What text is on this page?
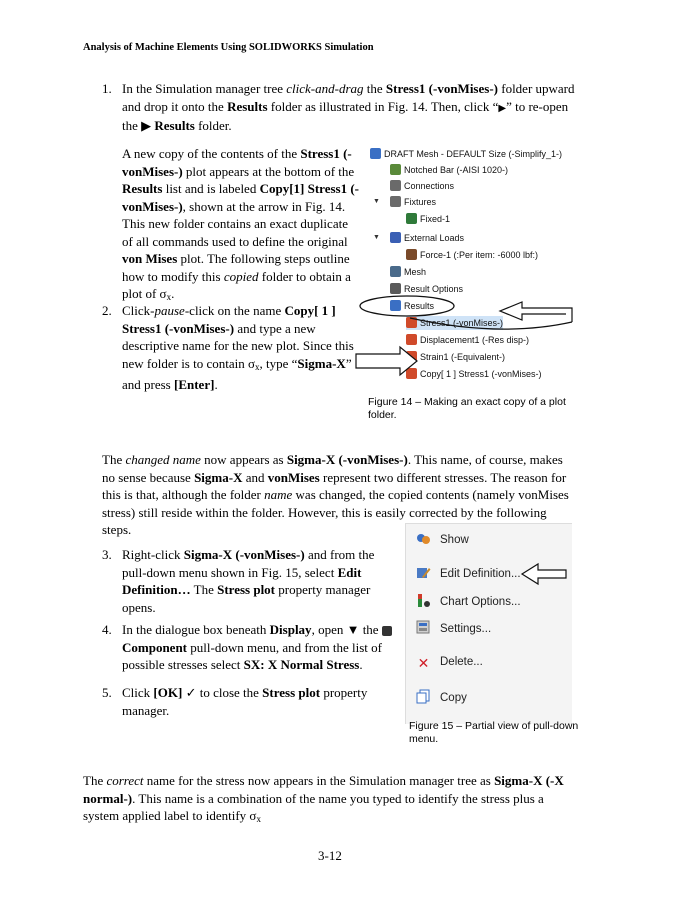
Analysis of Machine Elements Using SOLIDWORKS Simulation
1. In the Simulation manager tree click-and-drag the Stress1 (-vonMises-) folder upward and drop it onto the Results folder as illustrated in Fig. 14. Then, click “▶” to re-open the ▶ Results folder.
A new copy of the contents of the Stress1 (-vonMises-) plot appears at the bottom of the Results list and is labeled Copy[1] Stress1 (-vonMises-), shown at the arrow in Fig. 14. This new folder contains an exact duplicate of all commands used to define the original von Mises plot. The following steps outline how to modify this copied folder to obtain a plot of $\sigma_x$.
2. Click-pause-click on the name Copy[ 1 ] Stress1 (-vonMises-) and type a new descriptive name for the new plot. Since this new folder is to contain $\sigma_x$, type “Sigma-X” and press [Enter].
DRAFT Mesh - DEFAULT Size (-Simplify_1-)
Notched Bar (-AISI 1020-)
Connections
▼	Fixtures
Fixed-1
▼	External Loads
Force-1 (:Per item: -6000 lbf:)
Mesh
Result Options
Results
Stress1 (-vonMises-)
Displacement1 (-Res disp-)
Strain1 (-Equivalent-)
Copy[ 1 ] Stress1 (-vonMises-)
Figure 14 – Making an exact copy of a plot folder.
The changed name now appears as Sigma-X (-vonMises-). This name, of course, makes no sense because Sigma-X and vonMises represent two different stresses. The reason for this is that, although the folder name was changed, the copied contents (namely vonMises stress) still reside within the folder. However, this is easily corrected by the following steps.
3. Right-click Sigma-X (-vonMises-) and from the pull-down menu shown in Fig. 15, select Edit Definition… The Stress plot property manager opens.
4. In the dialogue box beneath Display, open ▼ the Component pull-down menu, and from the list of possible stresses select SX: X Normal Stress.
5. Click [OK] ✓ to close the Stress plot property manager.
Show
Edit Definition...
Chart Options...
Settings...
✕ Delete...
Copy
Figure 15 – Partial view of pull-down menu.
The correct name for the stress now appears in the Simulation manager tree as Sigma-X (-X normal-). This name is a combination of the name you typed to identify the stress plus a system applied label to identify $\sigma_x$
3-12
